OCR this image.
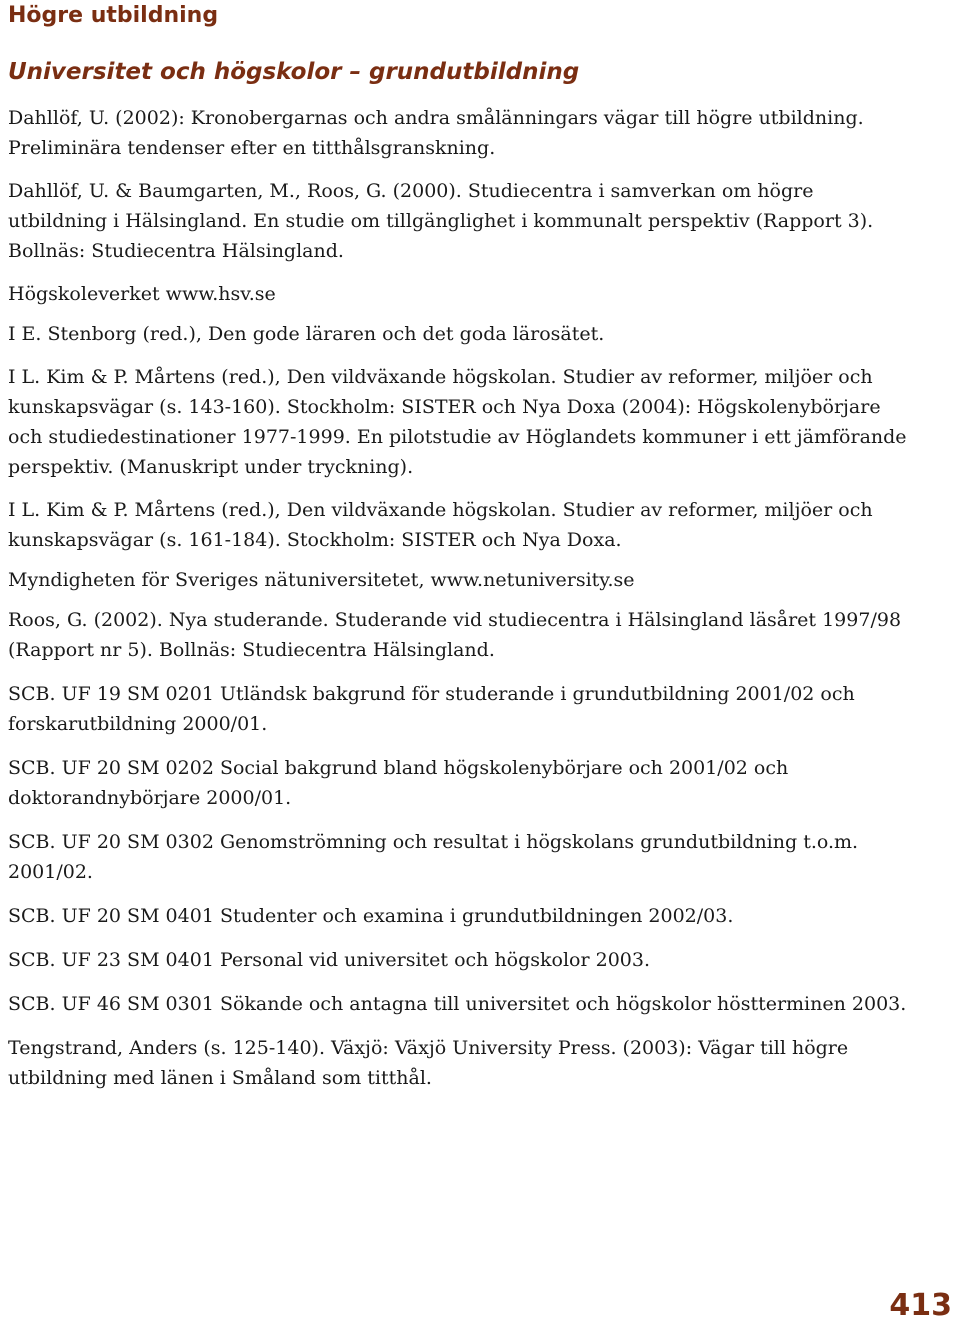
Högre utbildning
Universitet och högskolor – grundutbildning
Dahllöf, U. (2002): Kronobergarnas och andra smålänningars vägar till högre utbildning. Preliminära tendenser efter en titthålsgranskning.
Dahllöf, U. & Baumgarten, M., Roos, G. (2000). Studiecentra i samverkan om högre utbildning i Hälsingland. En studie om tillgänglighet i kommunalt perspektiv (Rapport 3). Bollnäs: Studiecentra Hälsingland.
Högskoleverket www.hsv.se
I E. Stenborg (red.), Den gode läraren och det goda lärosätet.
I L. Kim & P. Mårtens (red.), Den vildväxande högskolan. Studier av reformer, miljöer och kunskapsvägar (s. 143-160). Stockholm: SISTER och Nya Doxa (2004): Högskolenybörjare och studiedestinationer 1977-1999. En pilotstudie av Höglandets kommuner i ett jämförande perspektiv. (Manuskript under tryckning).
I L. Kim & P. Mårtens (red.), Den vildväxande högskolan. Studier av reformer, miljöer och kunskapsvägar (s. 161-184). Stockholm: SISTER och Nya Doxa.
Myndigheten för Sveriges nätuniversitetet, www.netuniversity.se
Roos, G. (2002). Nya studerande. Studerande vid studiecentra i Hälsingland läsåret 1997/98 (Rapport nr 5). Bollnäs: Studiecentra Hälsingland.
SCB. UF 19 SM 0201 Utländsk bakgrund för studerande i grundutbildning 2001/02 och forskarutbildning 2000/01.
SCB. UF 20 SM 0202 Social bakgrund bland högskolenybörjare och 2001/02 och doktorandnybörjare 2000/01.
SCB. UF 20 SM 0302 Genomströmning och resultat i högskolans grundutbildning t.o.m. 2001/02.
SCB. UF 20 SM 0401 Studenter och examina i grundutbildningen 2002/03.
SCB. UF 23 SM 0401 Personal vid universitet och högskolor 2003.
SCB. UF 46 SM 0301 Sökande och antagna till universitet och högskolor höstterminen 2003.
Tengstrand, Anders (s. 125-140). Växjö: Växjö University Press. (2003): Vägar till högre utbildning med länen i Småland som titthål.
413
